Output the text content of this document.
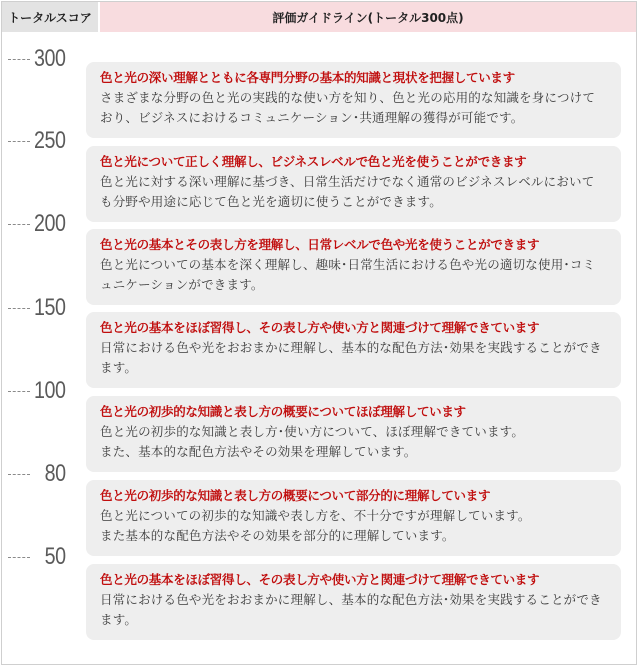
トータルスコア	評価ガイドライン(トータル300点)
300
250
200
150
100
80
50
色と光の深い理解とともに各専門分野の基本的知識と現状を把握しています
さまざまな分野の色と光の実践的な使い方を知り、色と光の応用的な知識を身につけており、ビジネスにおけるコミュニケーション･共通理解の獲得が可能です。
色と光について正しく理解し、ビジネスレベルで色と光を使うことができます
色と光に対する深い理解に基づき、日常生活だけでなく通常のビジネスレベルにおいても分野や用途に応じて色と光を適切に使うことができます。
色と光の基本とその表し方を理解し、日常レベルで色や光を使うことができます
色と光についての基本を深く理解し、趣味･日常生活における色や光の適切な使用･コミュニケーションができます。
色と光の基本をほぼ習得し、その表し方や使い方と関連づけて理解できています
日常における色や光をおおまかに理解し、基本的な配色方法･効果を実践することができます。
色と光の初歩的な知識と表し方の概要についてほぼ理解しています
色と光の初歩的な知識と表し方･使い方について、ほぼ理解できています。
また、基本的な配色方法やその効果を理解しています。
色と光の初歩的な知識と表し方の概要について部分的に理解しています
色と光についての初歩的な知識や表し方を、不十分ですが理解しています。
また基本的な配色方法やその効果を部分的に理解しています。
色と光の基本をほぼ習得し、その表し方や使い方と関連づけて理解できています
日常における色や光をおおまかに理解し、基本的な配色方法･効果を実践することができます。
